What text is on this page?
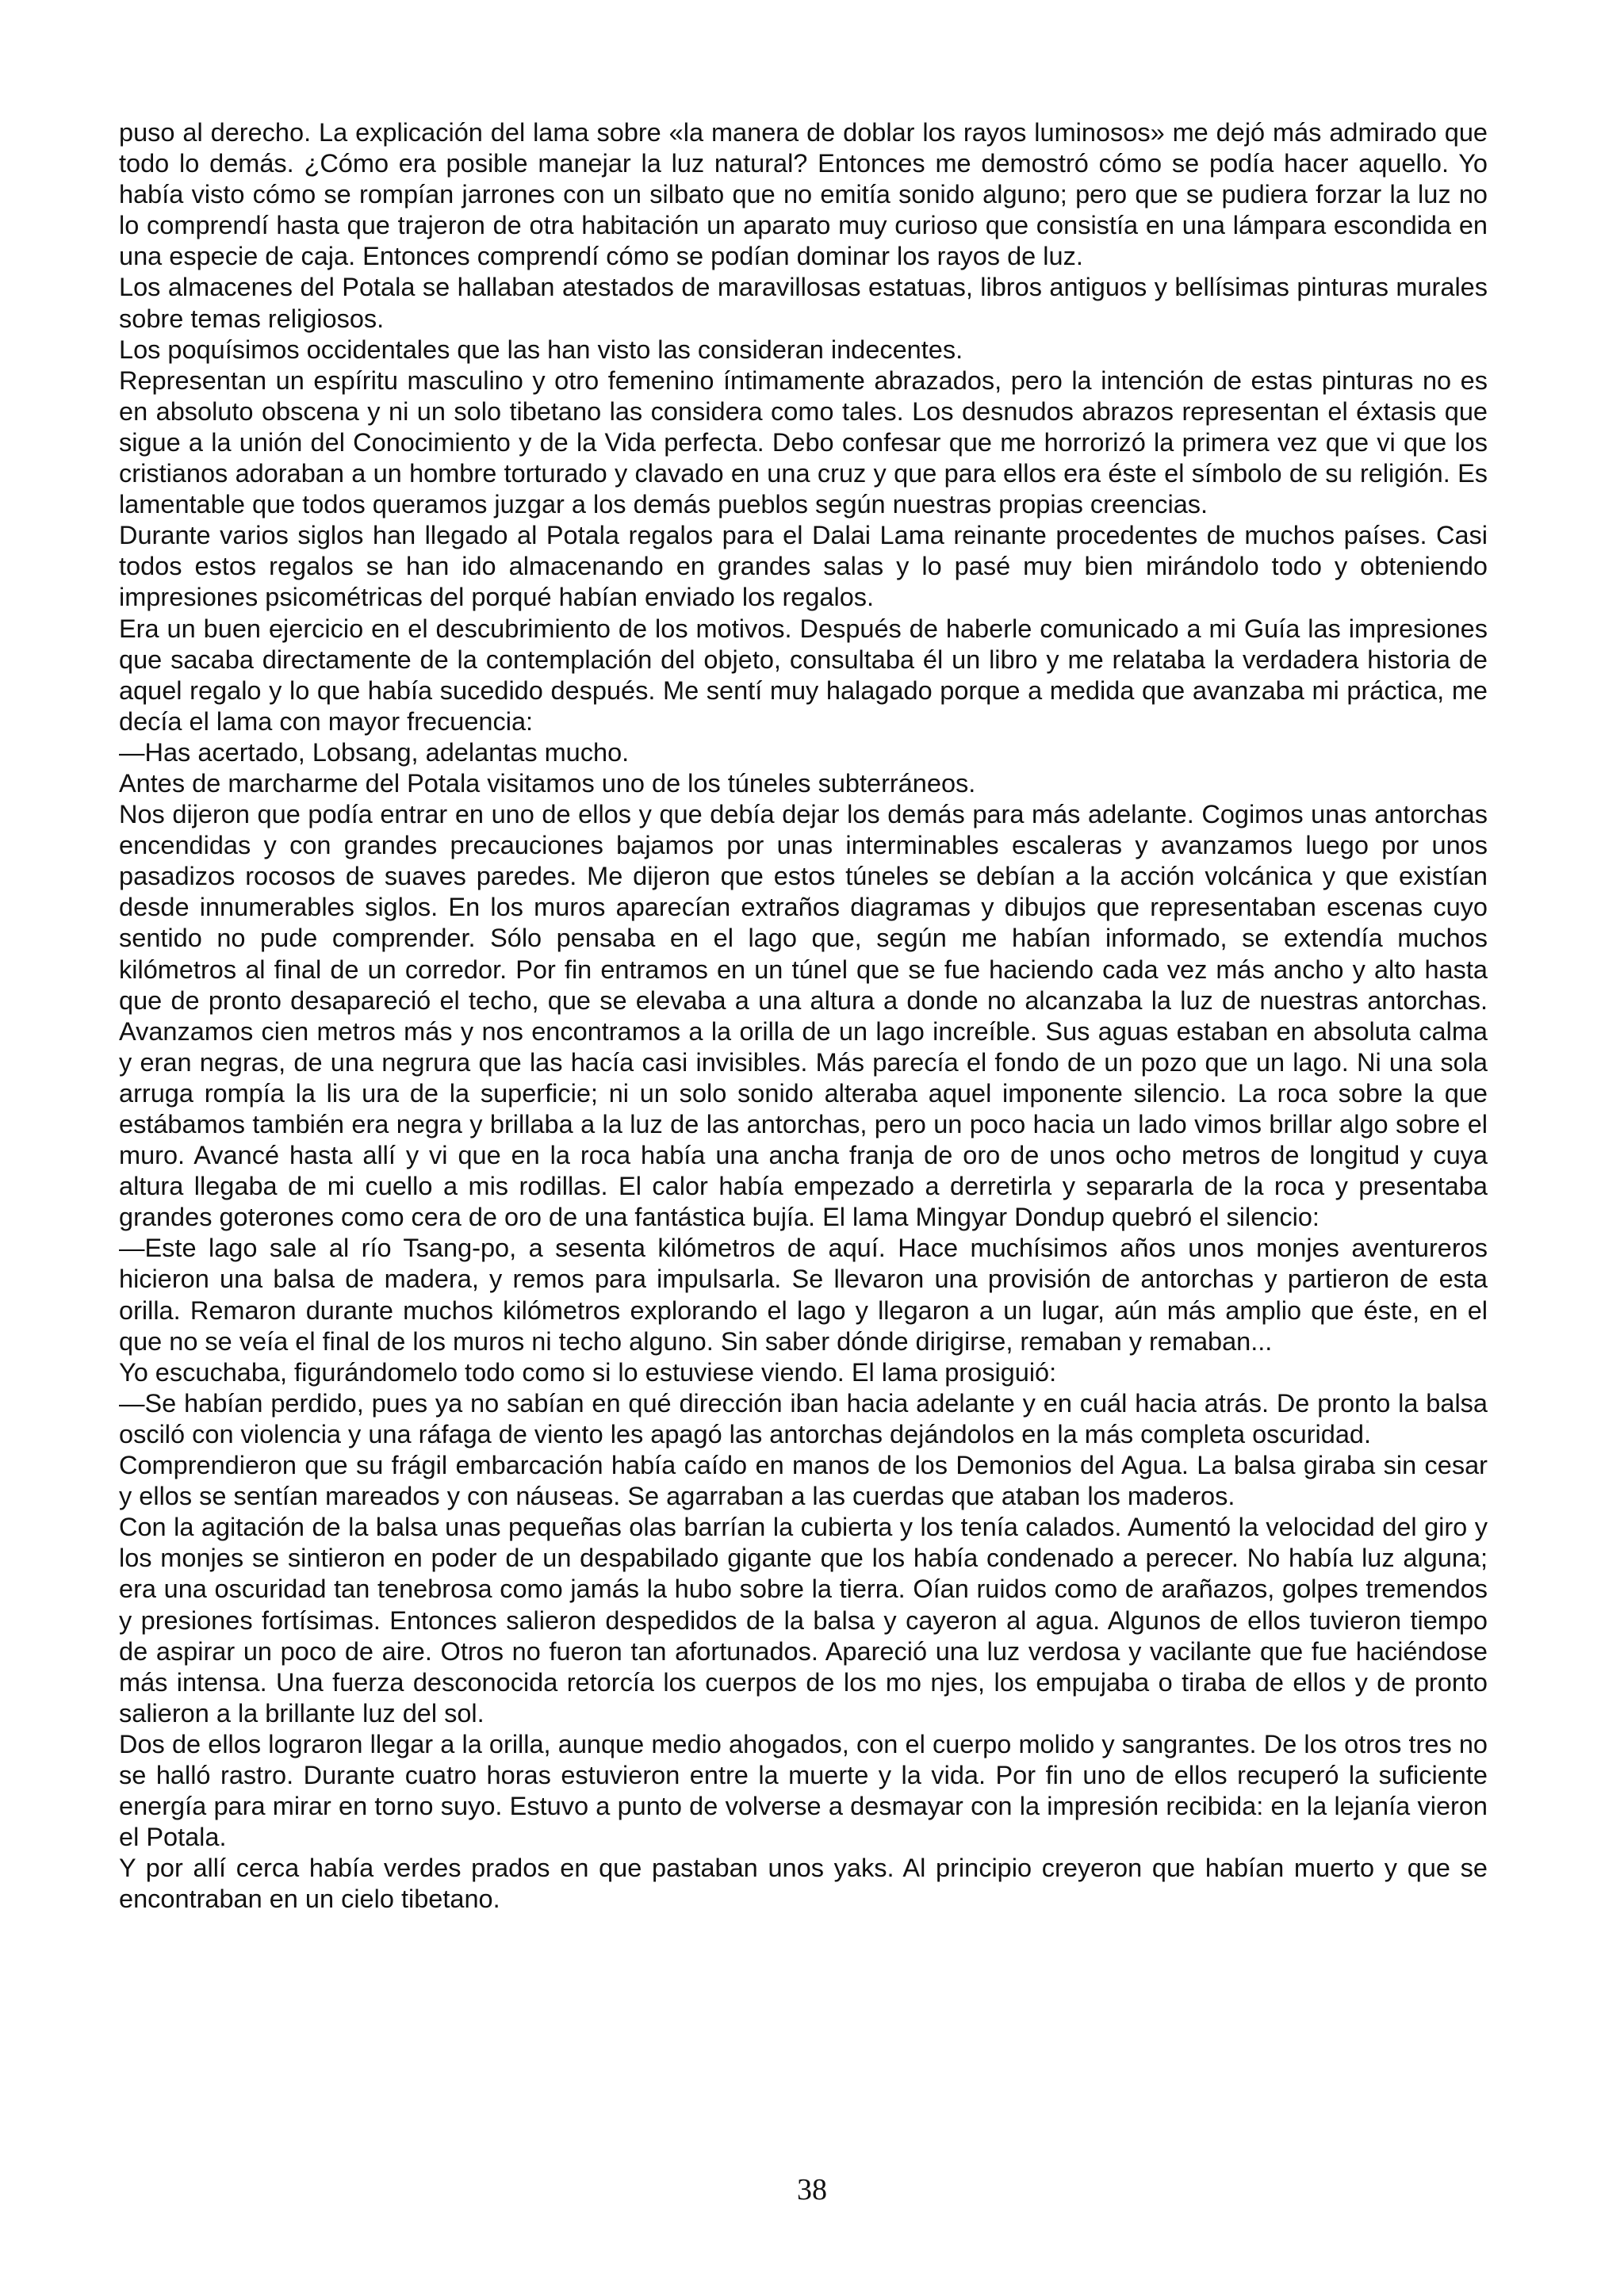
puso al derecho. La explicación del lama sobre «la manera de doblar los rayos luminosos» me dejó más admirado que todo lo demás. ¿Cómo era posible manejar la luz natural? Entonces me demostró cómo se podía hacer aquello. Yo había visto cómo se rompían jarrones con un silbato que no emitía sonido alguno; pero que se pudiera forzar la luz no lo comprendí hasta que trajeron de otra habitación un aparato muy curioso que consistía en una lámpara escondida en una especie de caja. Entonces comprendí cómo se podían dominar los rayos de luz.

Los almacenes del Potala se hallaban atestados de maravillosas estatuas, libros antiguos y bellísimas pinturas murales sobre temas religiosos.

Los poquísimos occidentales que las han visto las consideran indecentes.

Representan un espíritu masculino y otro femenino íntimamente abrazados, pero la intención de estas pinturas no es en absoluto obscena y ni un solo tibetano las considera como tales. Los desnudos abrazos representan el éxtasis que sigue a la unión del Conocimiento y de la Vida perfecta. Debo confesar que me horrorizó la primera vez que vi que los cristianos adoraban a un hombre torturado y clavado en una cruz y que para ellos era éste el símbolo de su religión. Es lamentable que todos queramos juzgar a los demás pueblos según nuestras propias creencias.

Durante varios siglos han llegado al Potala regalos para el Dalai Lama reinante procedentes de muchos países. Casi todos estos regalos se han ido almacenando en grandes salas y lo pasé muy bien mirándolo todo y obteniendo impresiones psicométricas del porqué habían enviado los regalos.

Era un buen ejercicio en el descubrimiento de los motivos. Después de haberle comunicado a mi Guía las impresiones que sacaba directamente de la contemplación del objeto, consultaba él un libro y me relataba la verdadera historia de aquel regalo y lo que había sucedido después. Me sentí muy halagado porque a medida que avanzaba mi práctica, me decía el lama con mayor frecuencia:

—Has acertado, Lobsang, adelantas mucho.

Antes de marcharme del Potala visitamos uno de los túneles subterráneos.

Nos dijeron que podía entrar en uno de ellos y que debía dejar los demás para más adelante. Cogimos unas antorchas encendidas y con grandes precauciones bajamos por unas interminables escaleras y avanzamos luego por unos pasadizos rocosos de suaves paredes. Me dijeron que estos túneles se debían a la acción volcánica y que existían desde innumerables siglos. En los muros aparecían extraños diagramas y dibujos que representaban escenas cuyo sentido no pude comprender. Sólo pensaba en el lago que, según me habían informado, se extendía muchos kilómetros al final de un corredor. Por fin entramos en un túnel que se fue haciendo cada vez más ancho y alto hasta que de pronto desapareció el techo, que se elevaba a una altura a donde no alcanzaba la luz de nuestras antorchas. Avanzamos cien metros más y nos encontramos a la orilla de un lago increíble. Sus aguas estaban en absoluta calma y eran negras, de una negrura que las hacía casi invisibles. Más parecía el fondo de un pozo que un lago. Ni una sola arruga rompía la lis ura de la superficie; ni un solo sonido alteraba aquel imponente silencio. La roca sobre la que estábamos también era negra y brillaba a la luz de las antorchas, pero un poco hacia un lado vimos brillar algo sobre el muro. Avancé hasta allí y vi que en la roca había una ancha franja de oro de unos ocho metros de longitud y cuya altura llegaba de mi cuello a mis rodillas. El calor había empezado a derretirla y separarla de la roca y presentaba grandes goterones como cera de oro de una fantástica bujía. El lama Mingyar Dondup quebró el silencio:

—Este lago sale al río Tsang-po, a sesenta kilómetros de aquí. Hace muchísimos años unos monjes aventureros hicieron una balsa de madera, y remos para impulsarla. Se llevaron una provisión de antorchas y partieron de esta orilla. Remaron durante muchos kilómetros explorando el lago y llegaron a un lugar, aún más amplio que éste, en el que no se veía el final de los muros ni techo alguno. Sin saber dónde dirigirse, remaban y remaban...

Yo escuchaba, figurándomelo todo como si lo estuviese viendo. El lama prosiguió:

—Se habían perdido, pues ya no sabían en qué dirección iban hacia adelante y en cuál hacia atrás. De pronto la balsa osciló con violencia y una ráfaga de viento les apagó las antorchas dejándolos en la más completa oscuridad.

Comprendieron que su frágil embarcación había caído en manos de los Demonios del Agua. La balsa giraba sin cesar y ellos se sentían mareados y con náuseas. Se agarraban a las cuerdas que ataban los maderos.

Con la agitación de la balsa unas pequeñas olas barrían la cubierta y los tenía calados. Aumentó la velocidad del giro y los monjes se sintieron en poder de un despabilado gigante que los había condenado a perecer. No había luz alguna; era una oscuridad tan tenebrosa como jamás la hubo sobre la tierra. Oían ruidos como de arañazos, golpes tremendos y presiones fortísimas. Entonces salieron despedidos de la balsa y cayeron al agua. Algunos de ellos tuvieron tiempo de aspirar un poco de aire. Otros no fueron tan afortunados. Apareció una luz verdosa y vacilante que fue haciéndose más intensa. Una fuerza desconocida retorcía los cuerpos de los mo njes, los empujaba o tiraba de ellos y de pronto salieron a la brillante luz del sol.

Dos de ellos lograron llegar a la orilla, aunque medio ahogados, con el cuerpo molido y sangrantes. De los otros tres no se halló rastro. Durante cuatro horas estuvieron entre la muerte y la vida. Por fin uno de ellos recuperó la suficiente energía para mirar en torno suyo. Estuvo a punto de volverse a desmayar con la impresión recibida: en la lejanía vieron el Potala.

Y por allí cerca había verdes prados en que pastaban unos yaks. Al principio creyeron que habían muerto y que se encontraban en un cielo tibetano.

38
